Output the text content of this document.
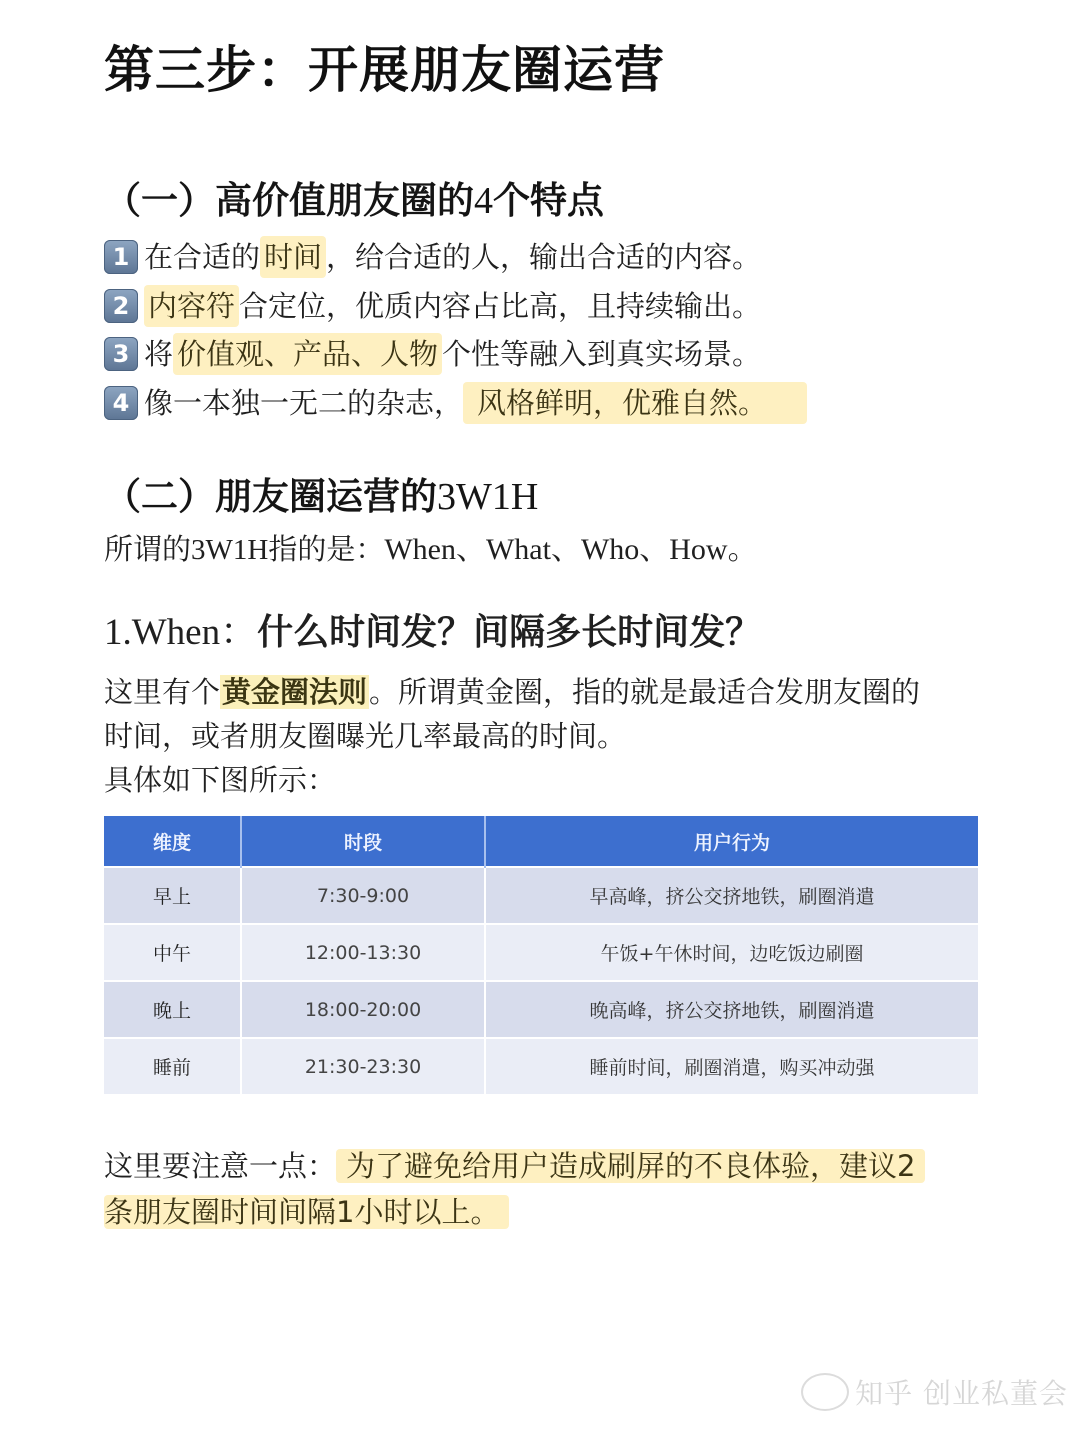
第三步：开展朋友圈运营
（一）高价值朋友圈的4个特点
1 在合适的 时间 ，给合适的人，输出合适的内容。
2 内容符 合定位，优质内容占比高，且持续输出。
3 将 价值观、产品、人物 个性等融入到真实场景。
4 像一本独一无二的杂志， 风格鲜明，优雅自然。
（二）朋友圈运营的3W1H
所谓的3W1H指的是：When、What、Who、How。
1.When：什么时间发？间隔多长时间发？
这里有个黄金圈法则。所谓黄金圈，指的就是最适合发朋友圈的
时间，或者朋友圈曝光几率最高的时间。
具体如下图所示：
维度	时段	用户行为
早上	7:30-9:00	早高峰，挤公交挤地铁，刷圈消遣
中午	12:00-13:30	午饭+午休时间，边吃饭边刷圈
晚上	18:00-20:00	晚高峰，挤公交挤地铁，刷圈消遣
睡前	21:30-23:30	睡前时间，刷圈消遣，购买冲动强
这里要注意一点： 为了避免给用户造成刷屏的不良体验，建议2
条朋友圈时间间隔1小时以上。
知乎 创业私董会
